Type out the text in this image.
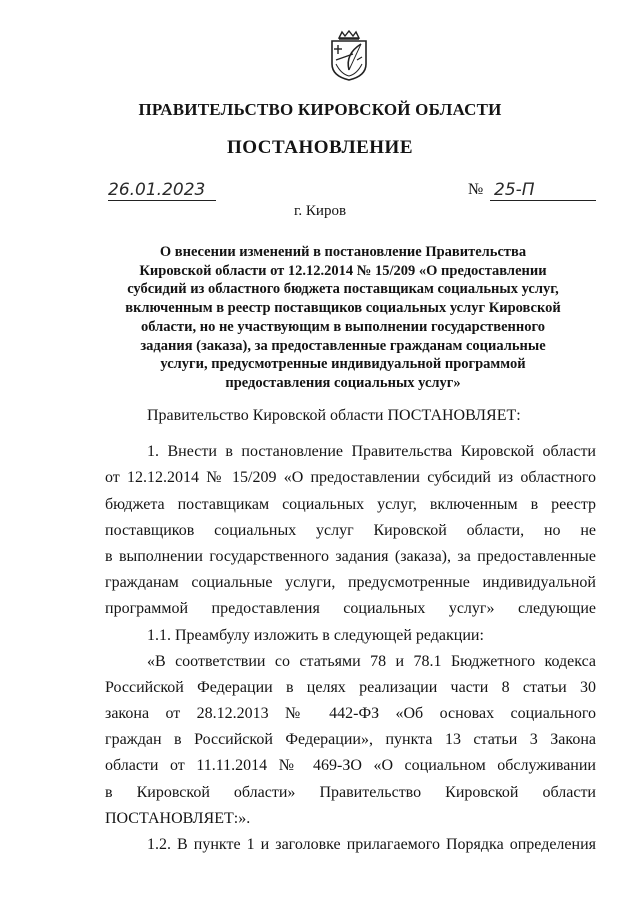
ПРАВИТЕЛЬСТВО КИРОВСКОЙ ОБЛАСТИ
ПОСТАНОВЛЕНИЕ
26.01.2023	№ 25-П
г. Киров
О внесении изменений в постановление Правительства
Кировской области от 12.12.2014 № 15/209 «О предоставлении
субсидий из областного бюджета поставщикам социальных услуг,
включенным в реестр поставщиков социальных услуг Кировской
области, но не участвующим в выполнении государственного
задания (заказа), за предоставленные гражданам социальные
услуги, предусмотренные индивидуальной программой
предоставления социальных услуг»
Правительство Кировской области ПОСТАНОВЛЯЕТ:
1. Внести в постановление Правительства Кировской области
от 12.12.2014 № 15/209 «О предоставлении субсидий из областного
бюджета поставщикам социальных услуг, включенным в реестр
поставщиков социальных услуг Кировской области, но не
в выполнении государственного задания (заказа), за предоставленные
гражданам социальные услуги, предусмотренные индивидуальной
программой предоставления социальных услуг» следующие
1.1. Преамбулу изложить в следующей редакции:
«В соответствии со статьями 78 и 78.1 Бюджетного кодекса
Российской Федерации в целях реализации части 8 статьи 30
закона от 28.12.2013 № 442-ФЗ «Об основах социального
граждан в Российской Федерации», пункта 13 статьи 3 Закона
области от 11.11.2014 № 469-ЗО «О социальном обслуживании
в Кировской области» Правительство Кировской области
ПОСТАНОВЛЯЕТ:».
1.2. В пункте 1 и заголовке прилагаемого Порядка определения
